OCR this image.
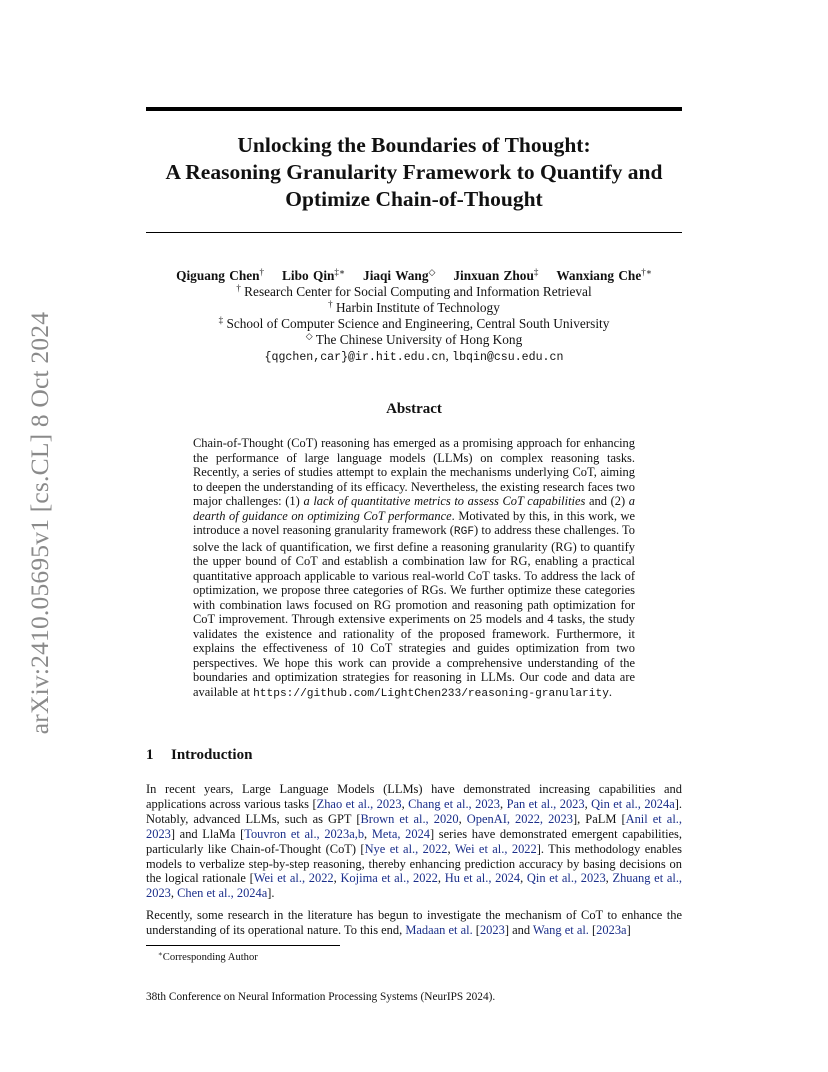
arXiv:2410.05695v1 [cs.CL] 8 Oct 2024
Unlocking the Boundaries of Thought:
A Reasoning Granularity Framework to Quantify and
Optimize Chain-of-Thought
Qiguang Chen† Libo Qin‡∗ Jiaqi Wang◇ Jinxuan Zhou‡ Wanxiang Che†∗
† Research Center for Social Computing and Information Retrieval
† Harbin Institute of Technology
‡ School of Computer Science and Engineering, Central South University
◇ The Chinese University of Hong Kong
{qgchen,car}@ir.hit.edu.cn, lbqin@csu.edu.cn
Abstract
Chain-of-Thought (CoT) reasoning has emerged as a promising approach for enhancing the performance of large language models (LLMs) on complex reasoning tasks. Recently, a series of studies attempt to explain the mechanisms underlying CoT, aiming to deepen the understanding of its efficacy. Nevertheless, the existing research faces two major challenges: (1) a lack of quantitative metrics to assess CoT capabilities and (2) a dearth of guidance on optimizing CoT performance. Motivated by this, in this work, we introduce a novel reasoning granularity framework (RGF) to address these challenges. To solve the lack of quantification, we first define a reasoning granularity (RG) to quantify the upper bound of CoT and establish a combination law for RG, enabling a practical quantitative approach applicable to various real-world CoT tasks. To address the lack of optimization, we propose three categories of RGs. We further optimize these categories with combination laws focused on RG promotion and reasoning path optimization for CoT improvement. Through extensive experiments on 25 models and 4 tasks, the study validates the existence and rationality of the proposed framework. Furthermore, it explains the effectiveness of 10 CoT strategies and guides optimization from two perspectives. We hope this work can provide a comprehensive understanding of the boundaries and optimization strategies for reasoning in LLMs. Our code and data are available at https://github.com/LightChen233/reasoning-granularity.
1 Introduction
In recent years, Large Language Models (LLMs) have demonstrated increasing capabilities and applications across various tasks [Zhao et al., 2023, Chang et al., 2023, Pan et al., 2023, Qin et al., 2024a]. Notably, advanced LLMs, such as GPT [Brown et al., 2020, OpenAI, 2022, 2023], PaLM [Anil et al., 2023] and LlaMa [Touvron et al., 2023a,b, Meta, 2024] series have demonstrated emergent capabilities, particularly like Chain-of-Thought (CoT) [Nye et al., 2022, Wei et al., 2022]. This methodology enables models to verbalize step-by-step reasoning, thereby enhancing prediction accuracy by basing decisions on the logical rationale [Wei et al., 2022, Kojima et al., 2022, Hu et al., 2024, Qin et al., 2023, Zhuang et al., 2023, Chen et al., 2024a].
Recently, some research in the literature has begun to investigate the mechanism of CoT to enhance the understanding of its operational nature. To this end, Madaan et al. [2023] and Wang et al. [2023a]
∗Corresponding Author
38th Conference on Neural Information Processing Systems (NeurIPS 2024).
